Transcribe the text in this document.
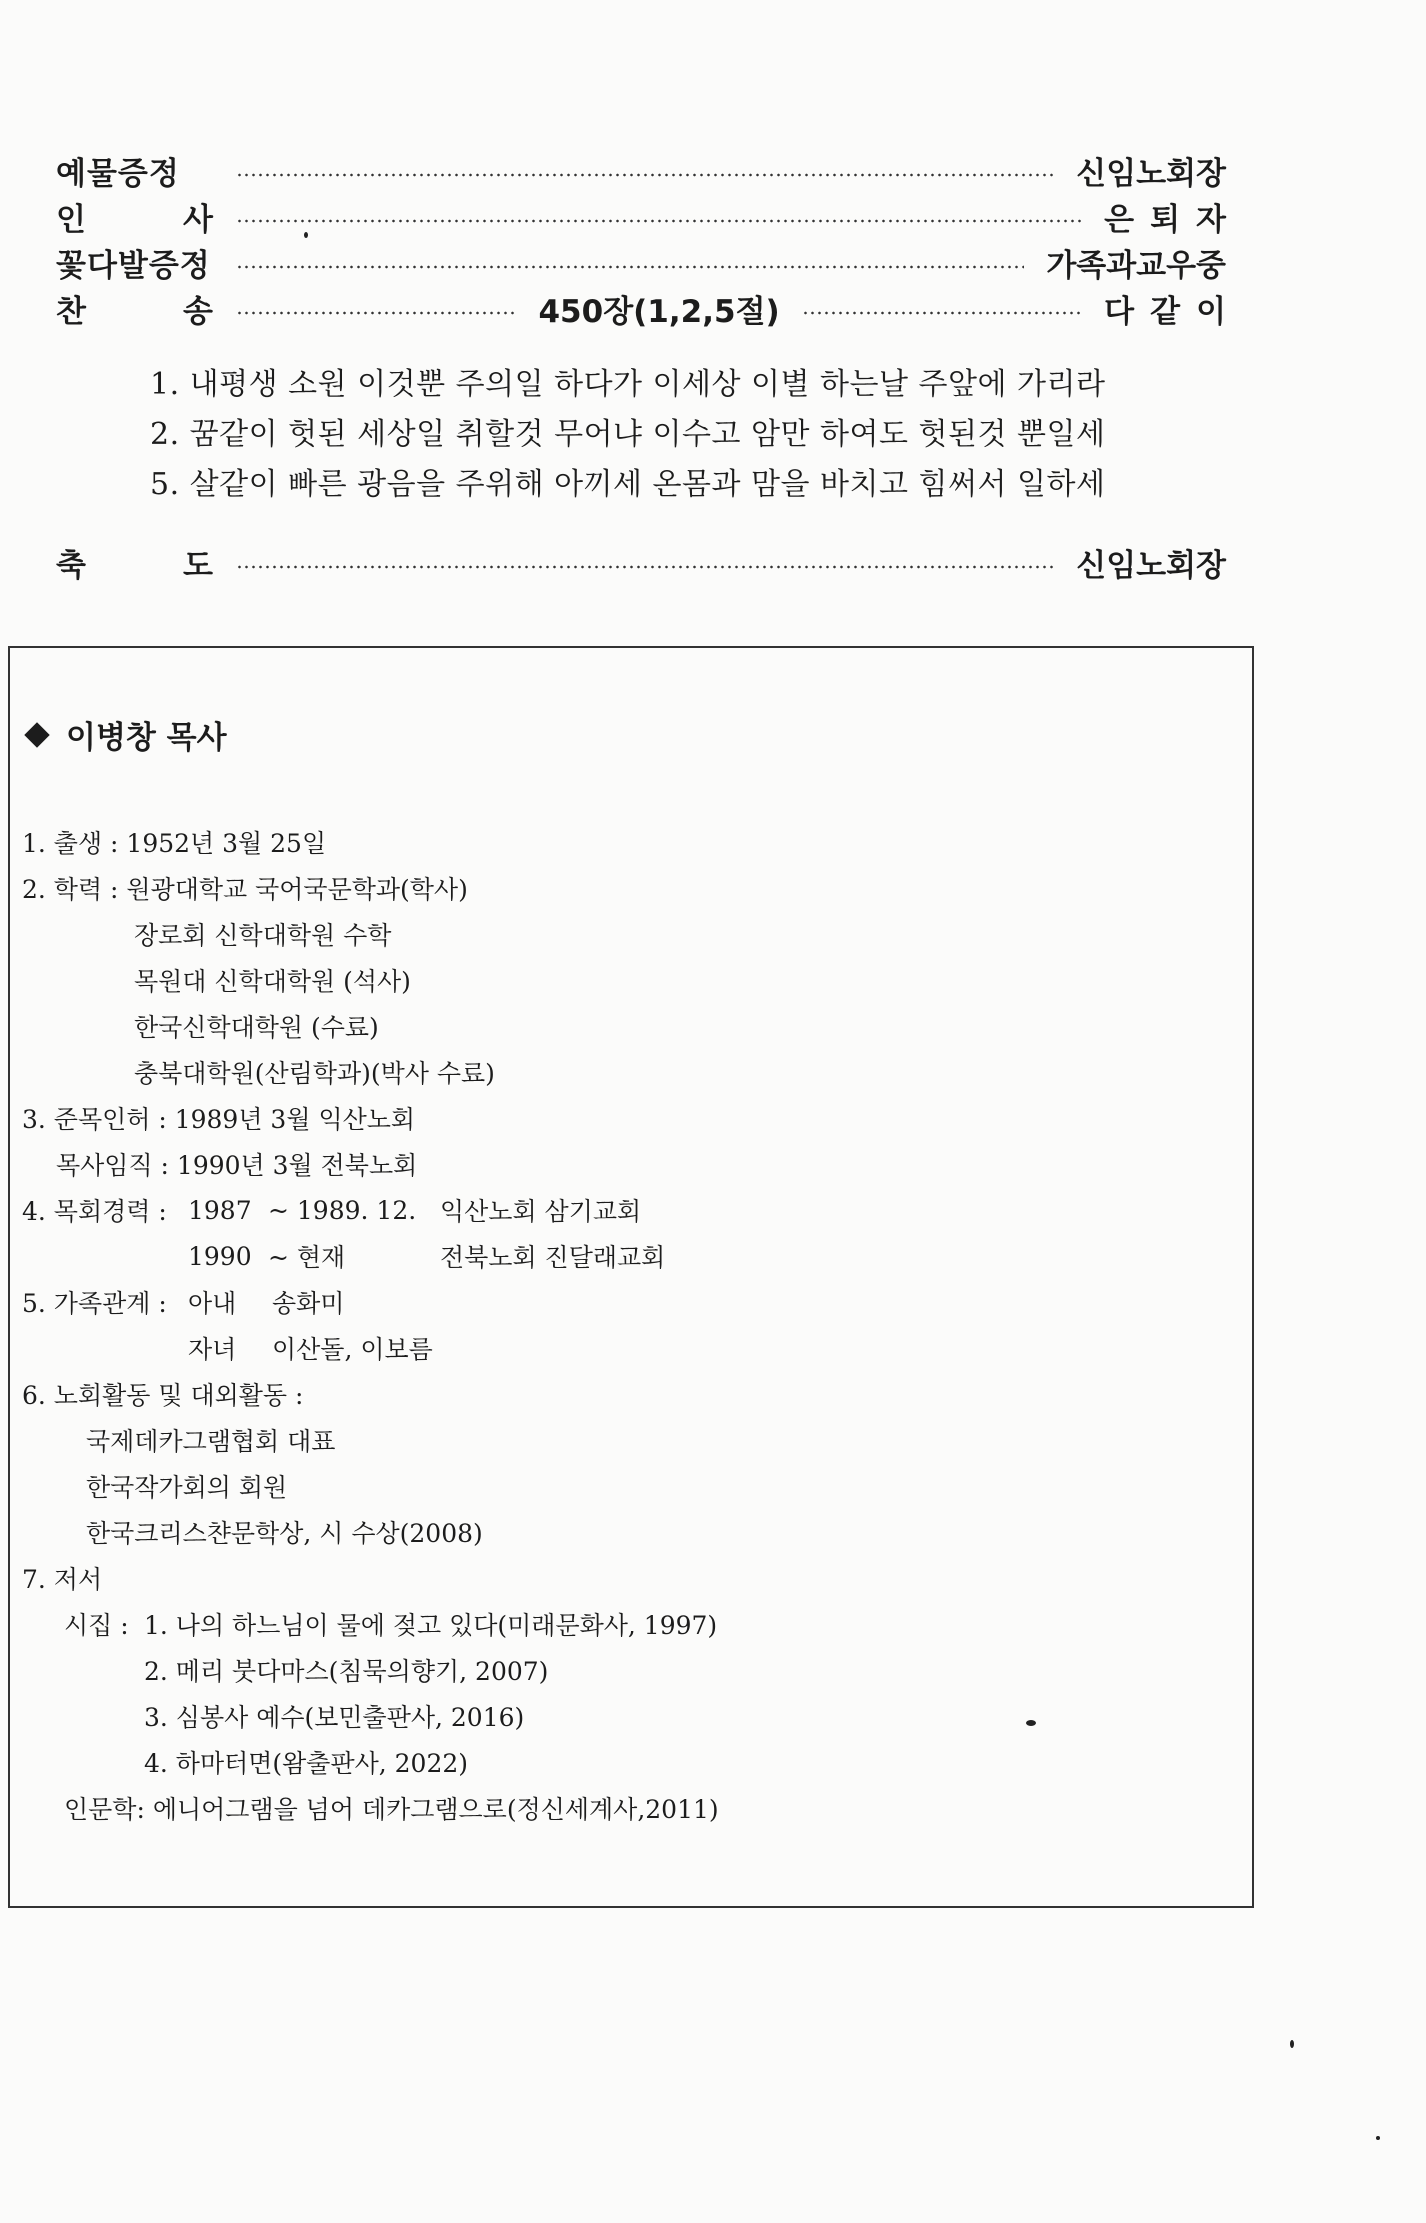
예물증정	신임노회장
인 사	은퇴자
꽃다발증정	가족과교우중
찬 송	450장(1,2,5절)	다같이
1. 내평생 소원 이것뿐 주의일 하다가 이세상 이별 하는날 주앞에 가리라
2. 꿈같이 헛된 세상일 취할것 무어냐 이수고 암만 하여도 헛된것 뿐일세
5. 살같이 빠른 광음을 주위해 아끼세 온몸과 맘을 바치고 힘써서 일하세
축 도	신임노회장
이병창 목사
1. 출생 : 1952년 3월 25일
2. 학력 : 원광대학교 국어국문학과(학사)
장로회 신학대학원 수학
목원대 신학대학원 (석사)
한국신학대학원 (수료)
충북대학원(산림학과)(박사 수료)
3. 준목인허 : 1989년 3월 익산노회
목사임직 : 1990년 3월 전북노회
4. 목회경력 : 1987 ~ 1989. 12. 익산노회 삼기교회
1990 ~ 현재	전북노회 진달래교회
5. 가족관계 : 아내 송화미
자녀 이산돌, 이보름
6. 노회활동 및 대외활동 :
국제데카그램협회 대표
한국작가회의 회원
한국크리스챤문학상, 시 수상(2008)
7. 저서
시집 : 1. 나의 하느님이 물에 젖고 있다(미래문화사, 1997)
2. 메리 붓다마스(침묵의향기, 2007)
3. 심봉사 예수(보민출판사, 2016)
4. 하마터면(왐출판사, 2022)
인문학: 에니어그램을 넘어 데카그램으로(정신세계사,2011)
